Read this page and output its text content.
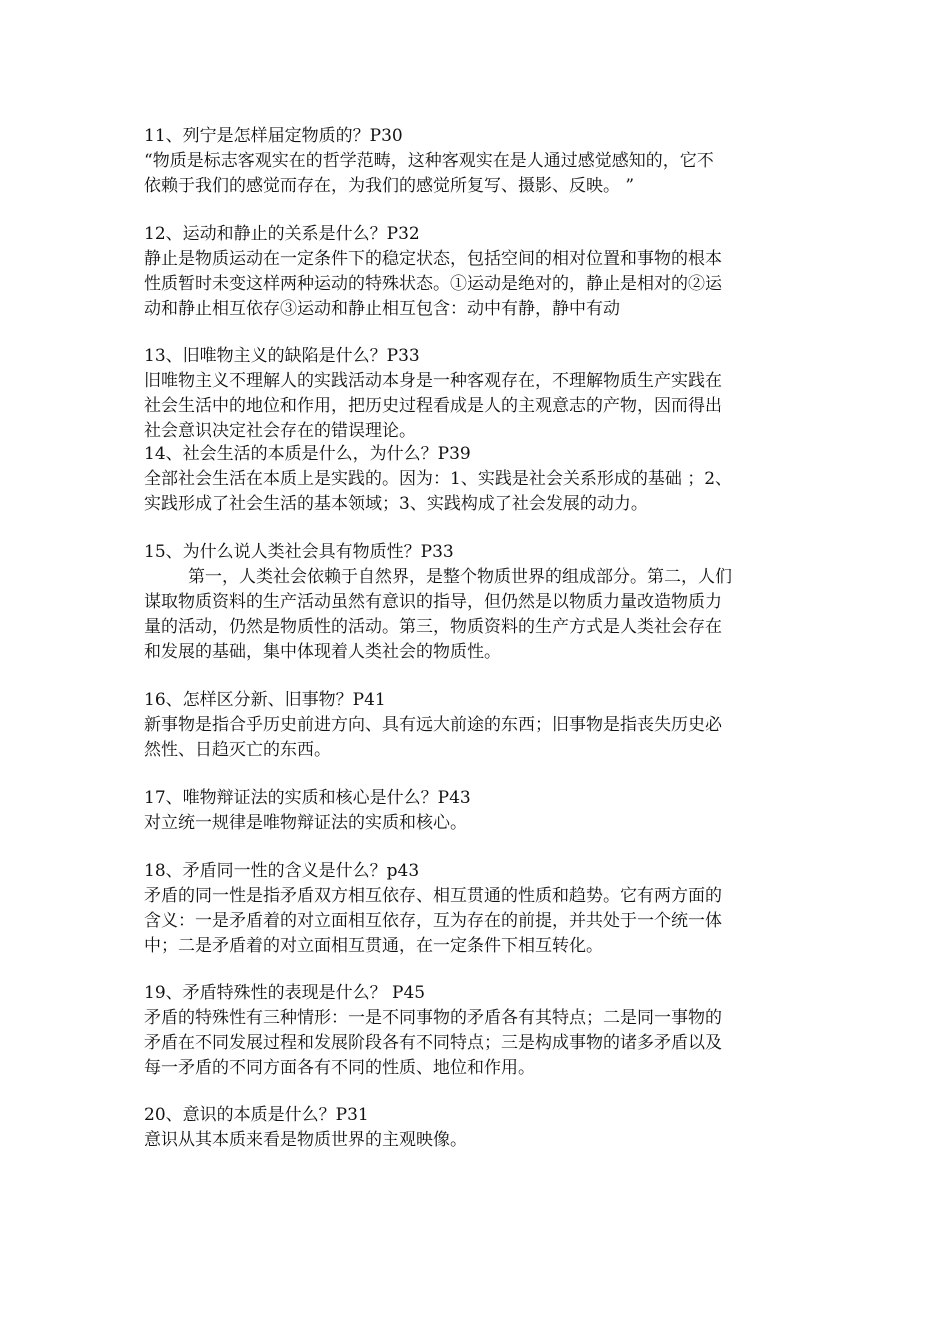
11、列宁是怎样届定物质的？P30
“物质是标志客观实在的哲学范畴，这种客观实在是人通过感觉感知的，它不
依赖于我们的感觉而存在，为我们的感觉所复写、摄影、反映。 ”
12、运动和静止的关系是什么？P32
静止是物质运动在一定条件下的稳定状态，包括空间的相对位置和事物的根本
性质暂时未变这样两种运动的特殊状态。①运动是绝对的，静止是相对的②运
动和静止相互依存③运动和静止相互包含：动中有静，静中有动
13、旧唯物主义的缺陷是什么？P33
旧唯物主义不理解人的实践活动本身是一种客观存在，不理解物质生产实践在
社会生活中的地位和作用，把历史过程看成是人的主观意志的产物，因而得出
社会意识决定社会存在的错误理论。
14、社会生活的本质是什么，为什么？P39
全部社会生活在本质上是实践的。因为：1、实践是社会关系形成的基础 ；2、
实践形成了社会生活的基本领域；3、实践构成了社会发展的动力。
15、为什么说人类社会具有物质性？P33
第一，人类社会依赖于自然界，是整个物质世界的组成部分。第二，人们
谋取物质资料的生产活动虽然有意识的指导，但仍然是以物质力量改造物质力
量的活动，仍然是物质性的活动。第三，物质资料的生产方式是人类社会存在
和发展的基础，集中体现着人类社会的物质性。
16、怎样区分新、旧事物？P41
新事物是指合乎历史前进方向、具有远大前途的东西；旧事物是指丧失历史必
然性、日趋灭亡的东西。
17、唯物辩证法的实质和核心是什么？P43
对立统一规律是唯物辩证法的实质和核心。
18、矛盾同一性的含义是什么？p43
矛盾的同一性是指矛盾双方相互依存、相互贯通的性质和趋势。它有两方面的
含义：一是矛盾着的对立面相互依存，互为存在的前提，并共处于一个统一体
中；二是矛盾着的对立面相互贯通，在一定条件下相互转化。
19、矛盾特殊性的表现是什么？ P45
矛盾的特殊性有三种情形：一是不同事物的矛盾各有其特点；二是同一事物的
矛盾在不同发展过程和发展阶段各有不同特点；三是构成事物的诸多矛盾以及
每一矛盾的不同方面各有不同的性质、地位和作用。
20、意识的本质是什么？P31
意识从其本质来看是物质世界的主观映像。
